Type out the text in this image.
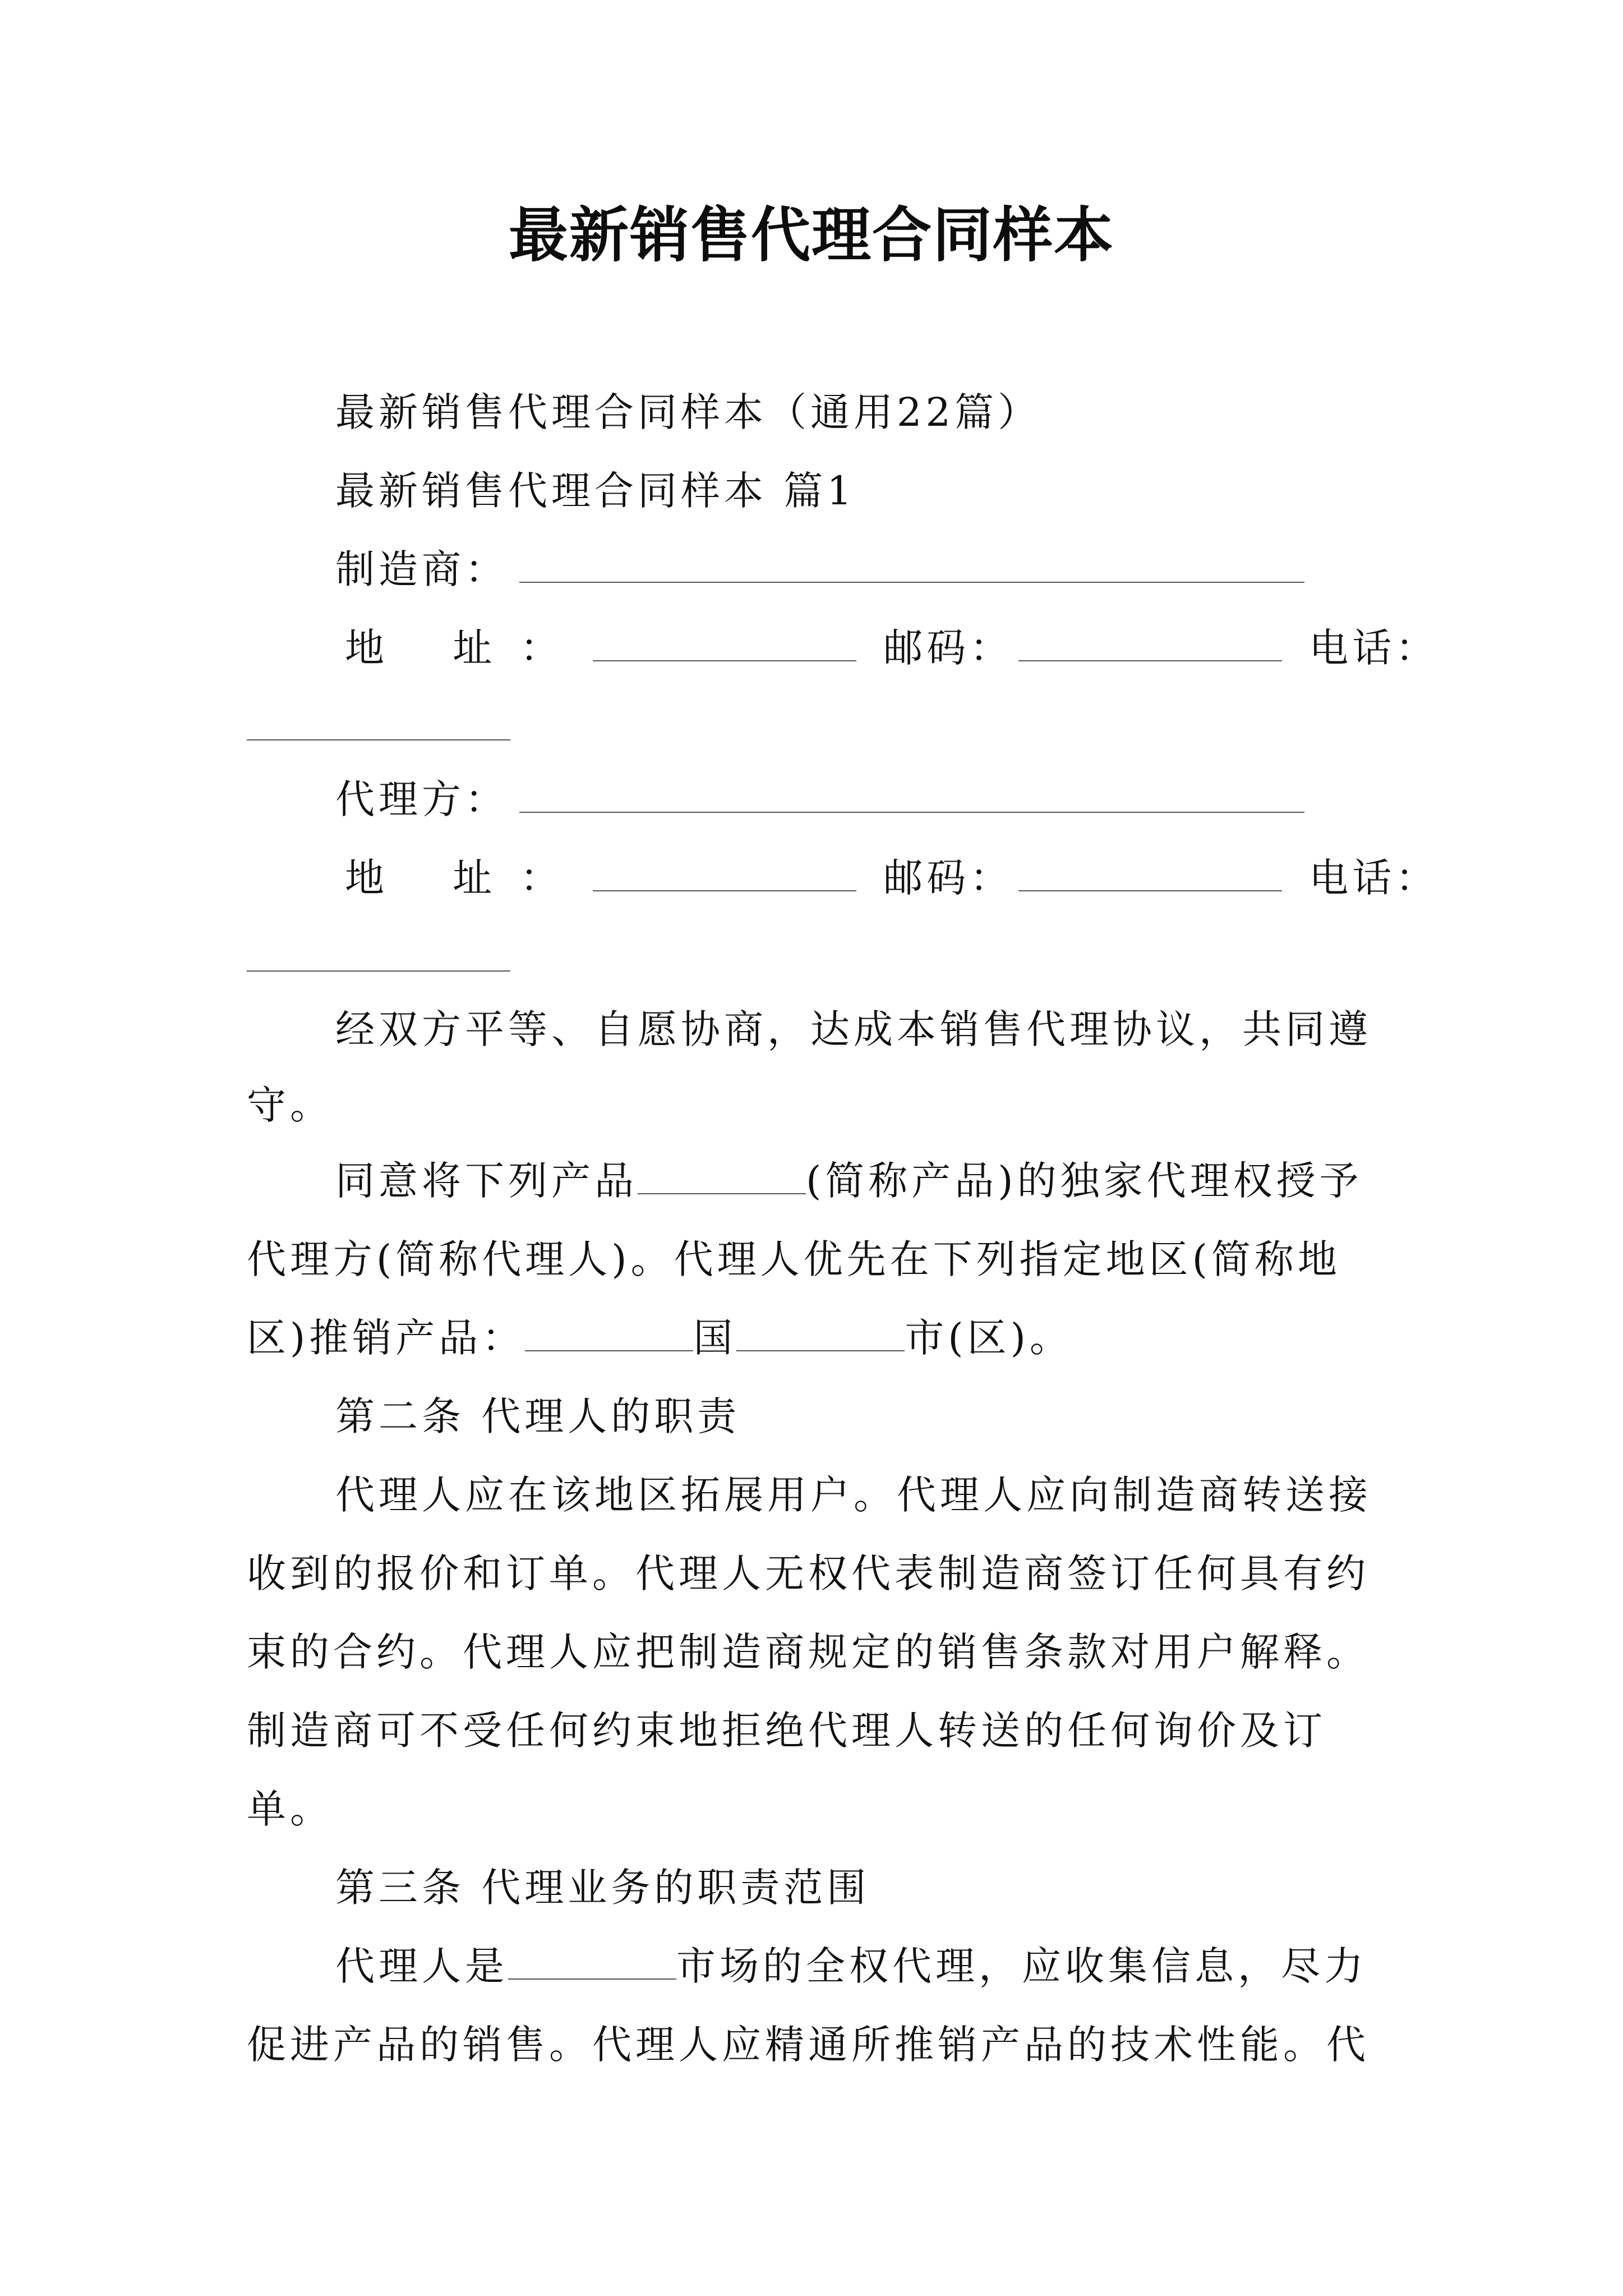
最新销售代理合同样本
最新销售代理合同样本（通用22篇）
最新销售代理合同样本 篇1
制造商：
地 址：	邮码：	电话：
代理方：
地 址：	邮码：	电话：
经双方平等、自愿协商，达成本销售代理协议，共同遵
守。
同意将下列产品	(简称产品)的独家代理权授予
代理方(简称代理人)。代理人优先在下列指定地区(简称地
区)推销产品：	国	市(区)。
第二条 代理人的职责
代理人应在该地区拓展用户。代理人应向制造商转送接
收到的报价和订单。代理人无权代表制造商签订任何具有约
束的合约。代理人应把制造商规定的销售条款对用户解释。
制造商可不受任何约束地拒绝代理人转送的任何询价及订
单。
第三条 代理业务的职责范围
代理人是	市场的全权代理，应收集信息，尽力
促进产品的销售。代理人应精通所推销产品的技术性能。代
